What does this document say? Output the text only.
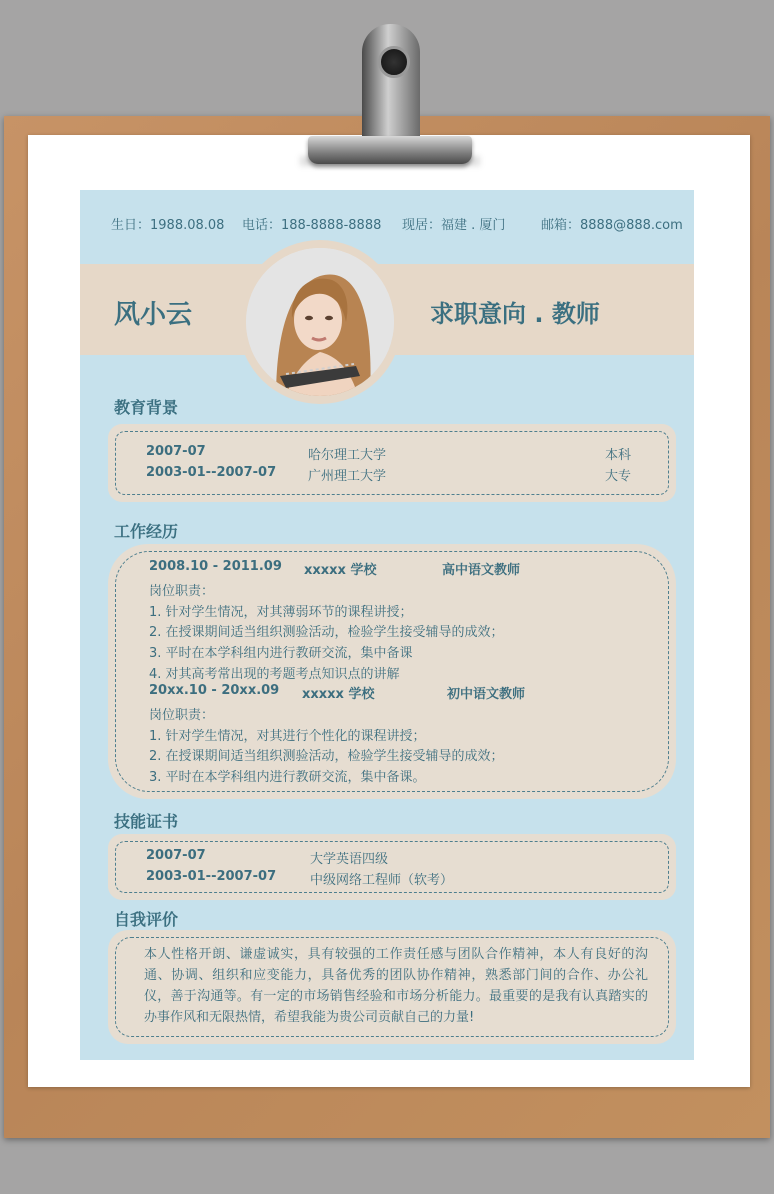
生日：1988.08.08 电话：188-8888-8888 现居：福建 . 厦门	邮箱：8888@888.com
风小云	求职意向 . 教师
教育背景
2007-07	哈尔理工大学	本科
2003-01--2007-07 广州理工大学	大专
工作经历
2008.10 - 2011.09 xxxxx 学校	高中语文教师
岗位职责：
1. 针对学生情况，对其薄弱环节的课程讲授；
2. 在授课期间适当组织测验活动，检验学生接受辅导的成效；
3. 平时在本学科组内进行教研交流，集中备课
4. 对其高考常出现的考题考点知识点的讲解
20xx.10 - 20xx.09 xxxxx 学校	初中语文教师
岗位职责：
1. 针对学生情况，对其进行个性化的课程讲授；
2. 在授课期间适当组织测验活动，检验学生接受辅导的成效；
3. 平时在本学科组内进行教研交流，集中备课。
技能证书
2007-07	大学英语四级
2003-01--2007-07	中级网络工程师（软考）
自我评价
本人性格开朗、谦虚诚实，具有较强的工作责任感与团队合作精神，本人有良好的沟通、协调、组织和应变能力，具备优秀的团队协作精神，熟悉部门间的合作、办公礼仪，善于沟通等。有一定的市场销售经验和市场分析能力。最重要的是我有认真踏实的办事作风和无限热情，希望我能为贵公司贡献自己的力量!
